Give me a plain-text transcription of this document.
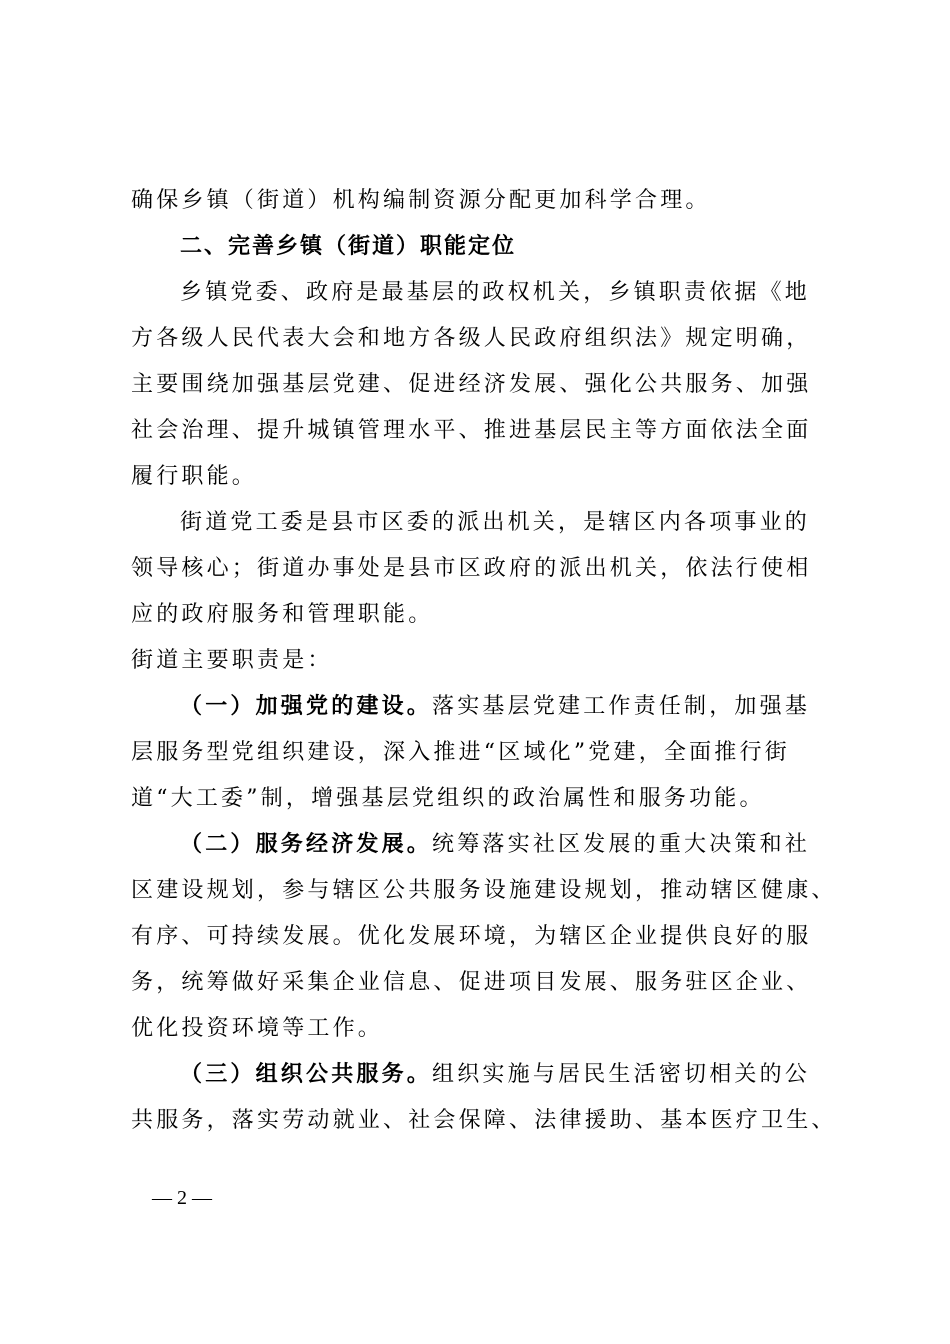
确保乡镇（街道）机构编制资源分配更加科学合理。
二、完善乡镇（街道）职能定位
乡镇党委、政府是最基层的政权机关，乡镇职责依据《地
方各级人民代表大会和地方各级人民政府组织法》规定明确，
主要围绕加强基层党建、促进经济发展、强化公共服务、加强
社会治理、提升城镇管理水平、推进基层民主等方面依法全面
履行职能。
街道党工委是县市区委的派出机关，是辖区内各项事业的
领导核心；街道办事处是县市区政府的派出机关，依法行使相
应的政府服务和管理职能。
街道主要职责是：
（一）加强党的建设。落实基层党建工作责任制，加强基
层服务型党组织建设，深入推进“区域化”党建，全面推行街
道“大工委”制，增强基层党组织的政治属性和服务功能。
（二）服务经济发展。统筹落实社区发展的重大决策和社
区建设规划，参与辖区公共服务设施建设规划，推动辖区健康、
有序、可持续发展。优化发展环境，为辖区企业提供良好的服
务，统筹做好采集企业信息、促进项目发展、服务驻区企业、
优化投资环境等工作。
（三）组织公共服务。组织实施与居民生活密切相关的公
共服务，落实劳动就业、社会保障、法律援助、基本医疗卫生、
— 2 —
